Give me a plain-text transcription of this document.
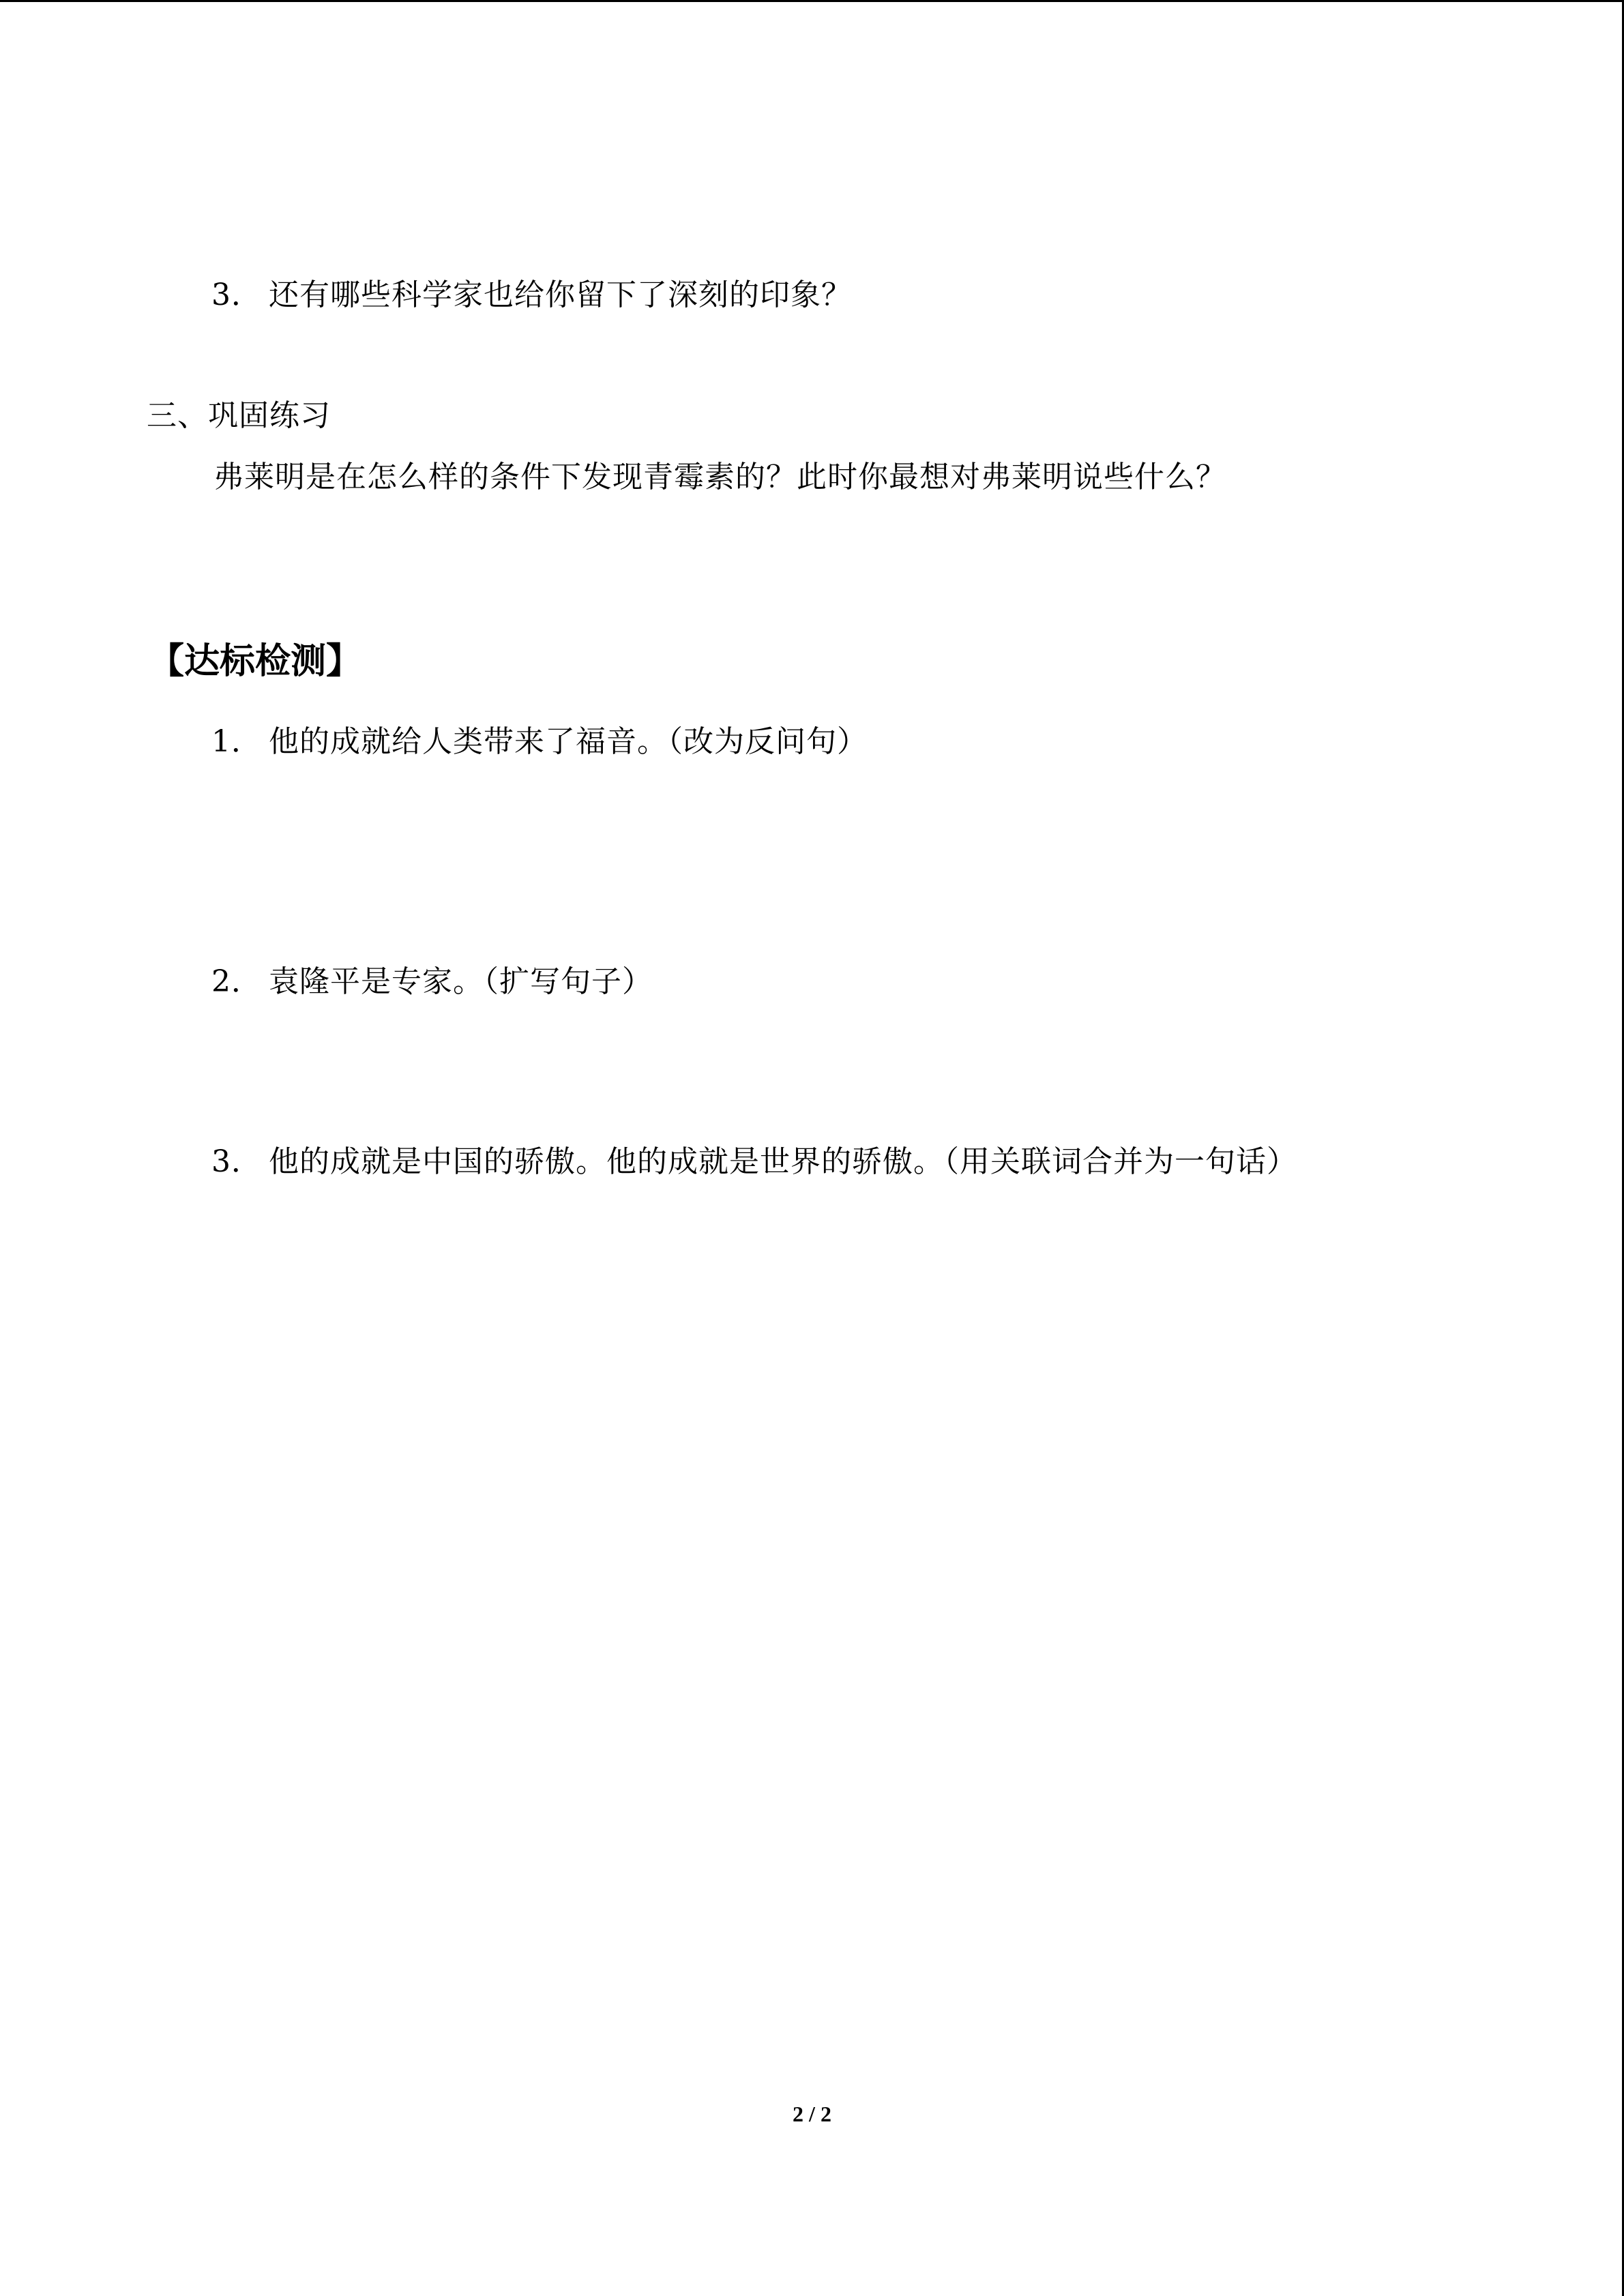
3． 还有哪些科学家也给你留下了深刻的印象？
三、巩固练习
弗莱明是在怎么样的条件下发现青霉素的？此时你最想对弗莱明说些什么？
【达标检测】
1． 他的成就给人类带来了福音。（改为反问句）
2． 袁隆平是专家。（扩写句子）
3． 他的成就是中国的骄傲。他的成就是世界的骄傲。（用关联词合并为一句话）
2 / 2
